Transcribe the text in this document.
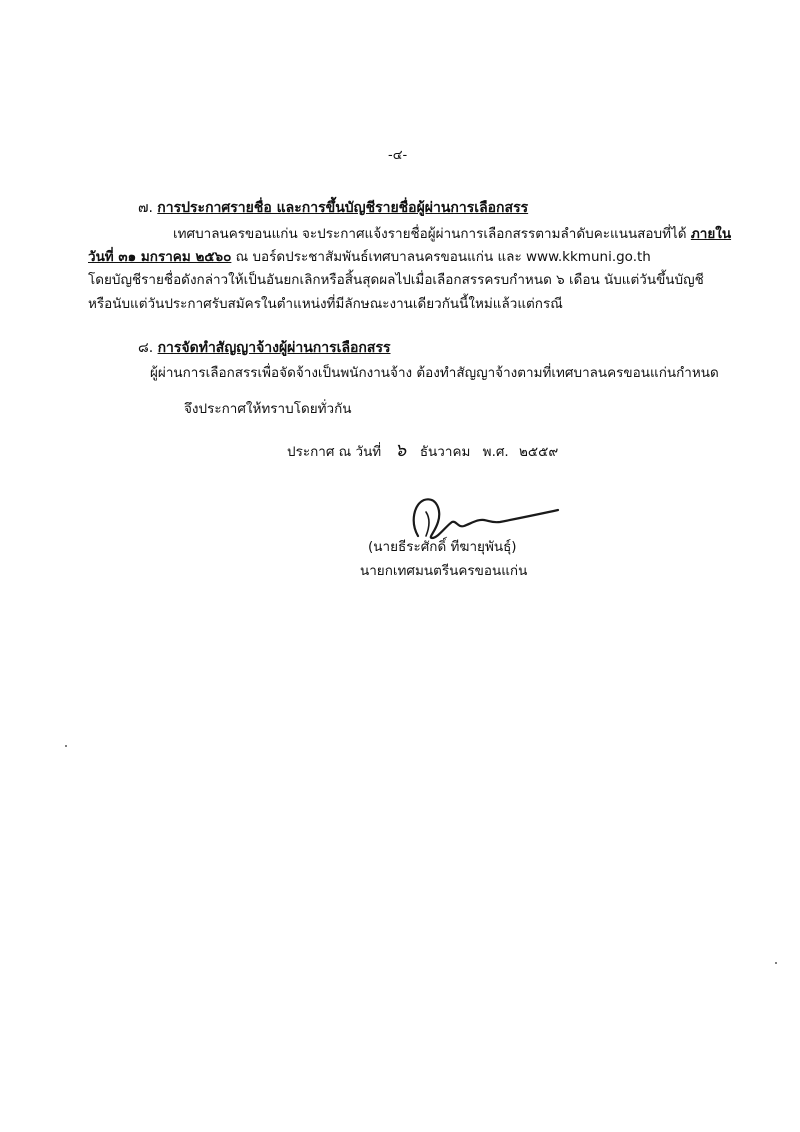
-๔-
๗. การประกาศรายชื่อ และการขึ้นบัญชีรายชื่อผู้ผ่านการเลือกสรร
เทศบาลนครขอนแก่น จะประกาศแจ้งรายชื่อผู้ผ่านการเลือกสรรตามลำดับคะแนนสอบที่ได้ ภายใน
วันที่ ๓๑ มกราคม ๒๕๖๐ ณ บอร์ดประชาสัมพันธ์เทศบาลนครขอนแก่น และ www.kkmuni.go.th
โดยบัญชีรายชื่อดังกล่าวให้เป็นอันยกเลิกหรือสิ้นสุดผลไปเมื่อเลือกสรรครบกำหนด ๖ เดือน นับแต่วันขึ้นบัญชี
หรือนับแต่วันประกาศรับสมัครในตำแหน่งที่มีลักษณะงานเดียวกันนี้ใหม่แล้วแต่กรณี
๘. การจัดทำสัญญาจ้างผู้ผ่านการเลือกสรร
ผู้ผ่านการเลือกสรรเพื่อจัดจ้างเป็นพนักงานจ้าง ต้องทำสัญญาจ้างตามที่เทศบาลนครขอนแก่นกำหนด
จึงประกาศให้ทราบโดยทั่วกัน
ประกาศ ณ วันที่ ๖ ธันวาคม พ.ศ. ๒๕๕๙
(นายธีระศักดิ์ ทีฆายุพันธุ์)
นายกเทศมนตรีนครขอนแก่น
